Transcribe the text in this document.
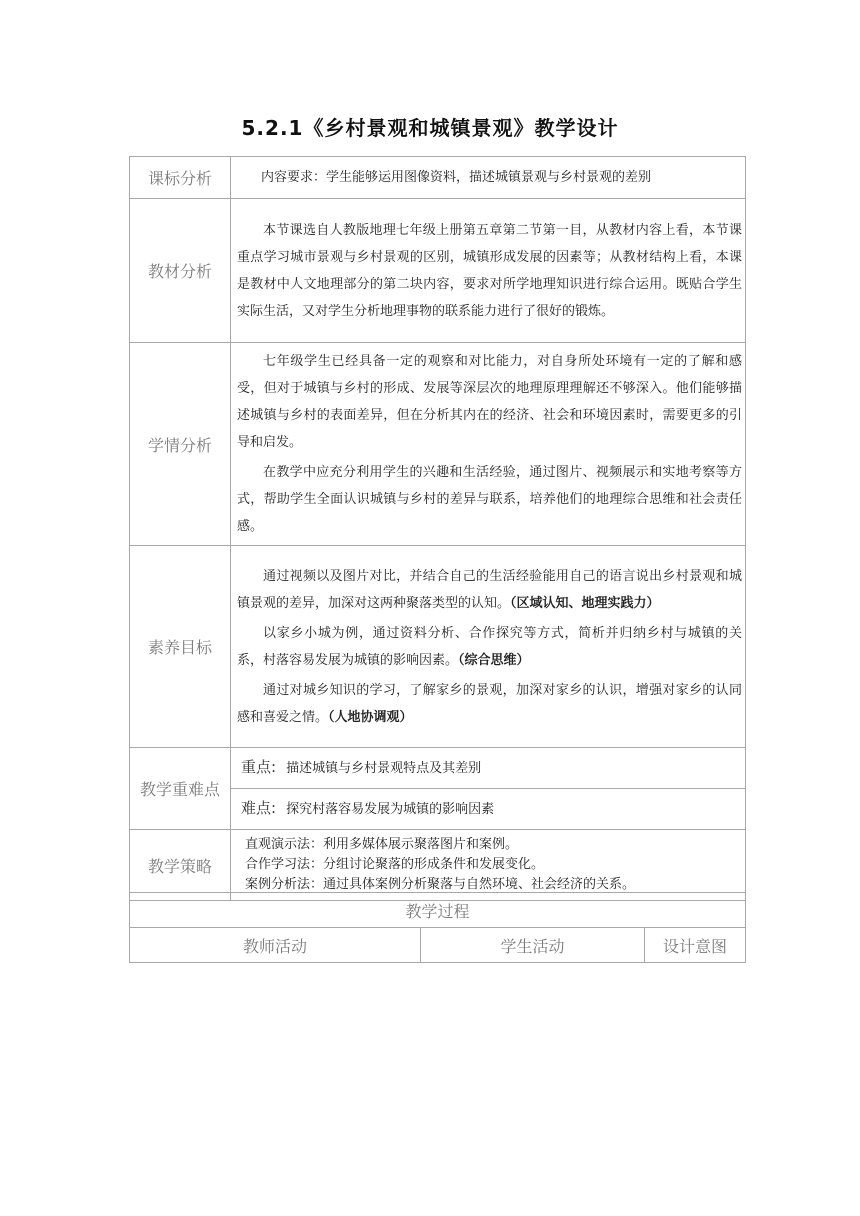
5.2.1《乡村景观和城镇景观》教学设计
课标分析	内容要求：学生能够运用图像资料，描述城镇景观与乡村景观的差别
教材分析	本节课选自人教版地理七年级上册第五章第二节第一目，从教材内容上看，本节课重点学习城市景观与乡村景观的区别，城镇形成发展的因素等；从教材结构上看，本课是教材中人文地理部分的第二块内容，要求对所学地理知识进行综合运用。既贴合学生实际生活，又对学生分析地理事物的联系能力进行了很好的锻炼。

学情分析	七年级学生已经具备一定的观察和对比能力，对自身所处环境有一定的了解和感受，但对于城镇与乡村的形成、发展等深层次的地理原理理解还不够深入。他们能够描述城镇与乡村的表面差异，但在分析其内在的经济、社会和环境因素时，需要更多的引导和启发。

在教学中应充分利用学生的兴趣和生活经验，通过图片、视频展示和实地考察等方式，帮助学生全面认识城镇与乡村的差异与联系，培养他们的地理综合思维和社会责任感。

素养目标	通过视频以及图片对比，并结合自己的生活经验能用自己的语言说出乡村景观和城镇景观的差异，加深对这两种聚落类型的认知。（区域认知、地理实践力）

以家乡小城为例，通过资料分析、合作探究等方式，简析并归纳乡村与城镇的关系，村落容易发展为城镇的影响因素。（综合思维）

通过对城乡知识的学习，了解家乡的景观，加深对家乡的认识，增强对家乡的认同感和喜爱之情。（人地协调观）

教学重难点	重点: 描述城镇与乡村景观特点及其差别
	难点: 探究村落容易发展为城镇的影响因素
教学策略	直观演示法：利用多媒体展示聚落图片和案例。
合作学习法：分组讨论聚落的形成条件和发展变化。
案例分析法：通过具体案例分析聚落与自然环境、社会经济的关系。
教学过程
教师活动	学生活动	设计意图
